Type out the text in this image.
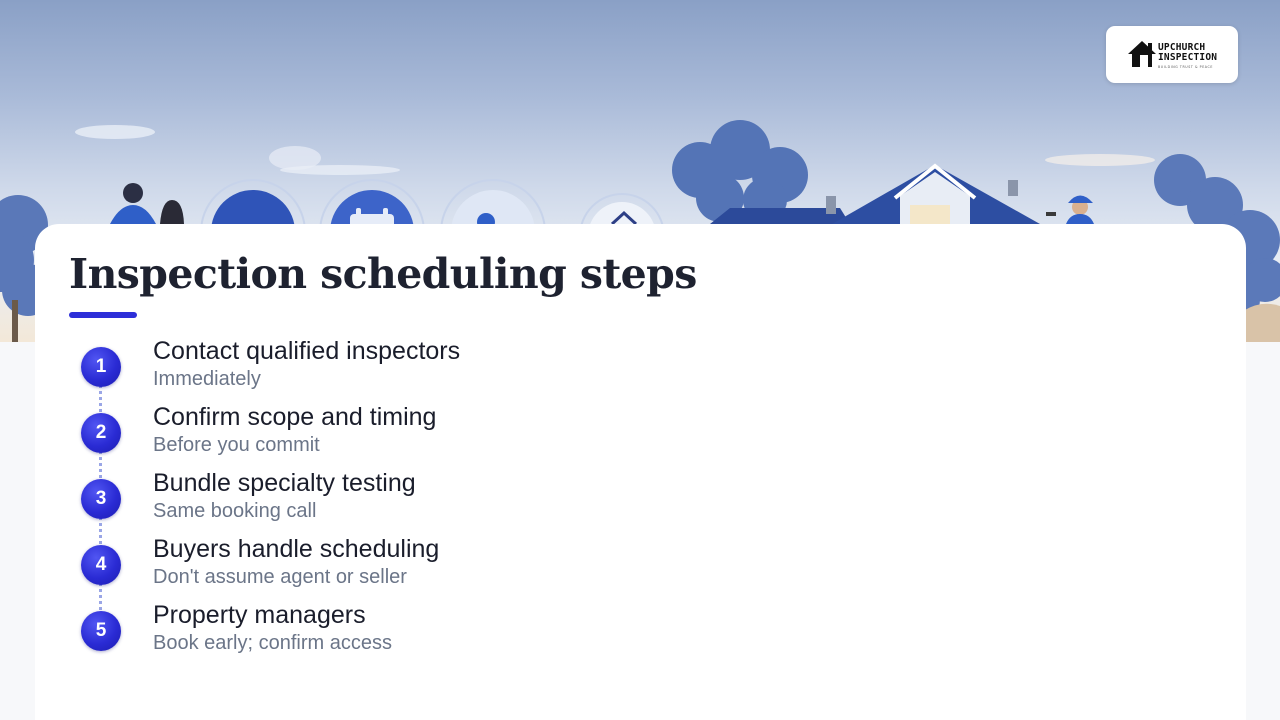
UPCHURCH
INSPECTION
BUILDING TRUST & PEACE
Inspection scheduling steps
1
Contact qualified inspectors
Immediately
2
Confirm scope and timing
Before you commit
3
Bundle specialty testing
Same booking call
4
Buyers handle scheduling
Don't assume agent or seller
5
Property managers
Book early; confirm access
